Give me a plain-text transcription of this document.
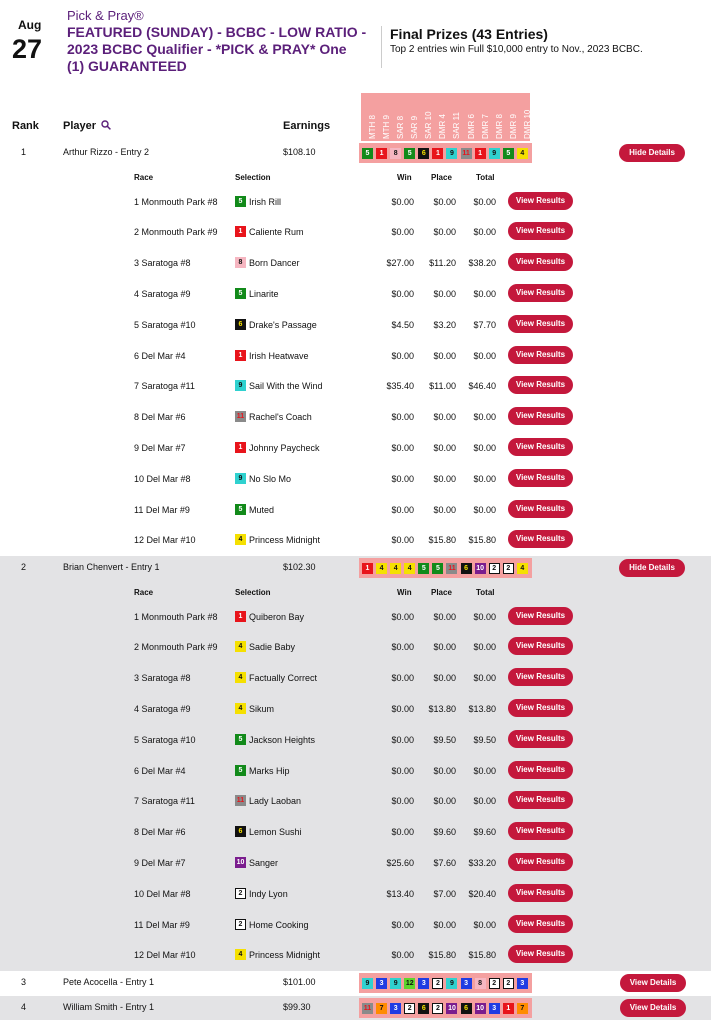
Aug
27
Pick & Pray®
FEATURED (SUNDAY) - BCBC - LOW RATIO - 2023 BCBC Qualifier - *PICK & PRAY* One (1) GUARANTEED
Final Prizes (43 Entries)
Top 2 entries win Full $10,000 entry to Nov., 2023 BCBC.
Rank Player	Earnings	MTH 8 MTH 9 SAR 8 SAR 9 SAR 10 DMR 4 SAR 11 DMR 6 DMR 7 DMR 8 DMR 9 DMR 10
1	Arthur Rizzo - Entry 2	$108.10	5	1	8	5	6	1	9	11	1	9	5	4	Hide Details
Race	Selection	Win Place	Total
1 Monmouth Park #8	5 Irish Rill	$0.00	$0.00	$0.00	View Results
2 Monmouth Park #9	1 Caliente Rum	$0.00	$0.00	$0.00	View Results
3 Saratoga #8	8 Born Dancer	$27.00	$11.20	$38.20	View Results
4 Saratoga #9	5 Linarite	$0.00	$0.00	$0.00	View Results
5 Saratoga #10	6 Drake's Passage	$4.50	$3.20	$7.70	View Results
6 Del Mar #4	1 Irish Heatwave	$0.00	$0.00	$0.00	View Results
7 Saratoga #11	9 Sail With the Wind	$35.40	$11.00	$46.40	View Results
8 Del Mar #6	11 Rachel's Coach	$0.00	$0.00	$0.00	View Results
9 Del Mar #7	1 Johnny Paycheck	$0.00	$0.00	$0.00	View Results
10 Del Mar #8	9 No Slo Mo	$0.00	$0.00	$0.00	View Results
11 Del Mar #9	5 Muted	$0.00	$0.00	$0.00	View Results
12 Del Mar #10	4 Princess Midnight	$0.00	$15.80	$15.80	View Results
2	Brian Chenvert - Entry 1	$102.30	1	4	4	4	5	5	11	6	10	2	2	4	Hide Details
Race	Selection	Win Place	Total
1 Monmouth Park #8	1 Quiberon Bay	$0.00	$0.00	$0.00	View Results
2 Monmouth Park #9	4 Sadie Baby	$0.00	$0.00	$0.00	View Results
3 Saratoga #8	4 Factually Correct	$0.00	$0.00	$0.00	View Results
4 Saratoga #9	4 Sikum	$0.00	$13.80	$13.80	View Results
5 Saratoga #10	5 Jackson Heights	$0.00	$9.50	$9.50	View Results
6 Del Mar #4	5 Marks Hip	$0.00	$0.00	$0.00	View Results
7 Saratoga #11	11 Lady Laoban	$0.00	$0.00	$0.00	View Results
8 Del Mar #6	6 Lemon Sushi	$0.00	$9.60	$9.60	View Results
9 Del Mar #7	10 Sanger	$25.60	$7.60	$33.20	View Results
10 Del Mar #8	2 Indy Lyon	$13.40	$7.00	$20.40	View Results
11 Del Mar #9	2 Home Cooking	$0.00	$0.00	$0.00	View Results
12 Del Mar #10	4 Princess Midnight	$0.00	$15.80	$15.80	View Results
3	Pete Acocella - Entry 1	$101.00	9	3	9	12	3	2	9	3	8	2	2	3	View Details
4	William Smith - Entry 1	$99.30	11	7	3	2	6	2	10	6	10	3	1	7	View Details
